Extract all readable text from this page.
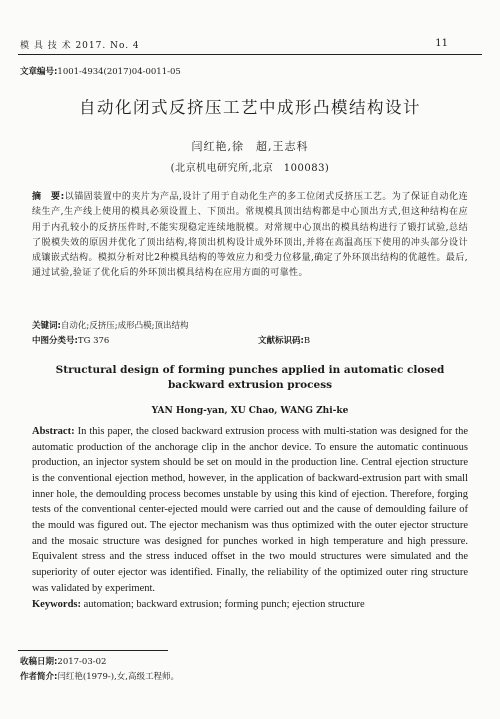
模 具 技 术 2017. No. 4	11
文章编号:1001-4934(2017)04-0011-05
自动化闭式反挤压工艺中成形凸模结构设计
闫红艳,徐　超,王志科
(北京机电研究所,北京　100083)
摘　要:以锚固装置中的夹片为产品,设计了用于自动化生产的多工位闭式反挤压工艺。为了保证自动化连续生产,生产线上使用的模具必须设置上、下顶出。常规模具顶出结构都是中心顶出方式,但这种结构在应用于内孔较小的反挤压件时,不能实现稳定连续地脱模。对常规中心顶出的模具结构进行了锻打试验,总结了脱模失效的原因并优化了顶出结构,将顶出机构设计成外环顶出,并将在高温高压下使用的冲头部分设计成镶嵌式结构。模拟分析对比2种模具结构的等效应力和受力位移量,确定了外环顶出结构的优越性。最后,通过试验,验证了优化后的外环顶出模具结构在应用方面的可靠性。
关键词:自动化;反挤压;成形凸模;顶出结构
中图分类号:TG 376	文献标识码:B
Structural design of forming punches applied in automatic closed backward extrusion process
YAN Hong-yan, XU Chao, WANG Zhi-ke
Abstract: In this paper, the closed backward extrusion process with multi-station was designed for the automatic production of the anchorage clip in the anchor device. To ensure the automatic continuous production, an injector system should be set on mould in the production line. Central ejection structure is the conventional ejection method, however, in the application of backward-extrusion part with small inner hole, the demoulding process becomes unstable by using this kind of ejection. Therefore, forging tests of the conventional center-ejected mould were carried out and the cause of demoulding failure of the mould was figured out. The ejector mechanism was thus optimized with the outer ejector structure and the mosaic structure was designed for punches worked in high temperature and high pressure. Equivalent stress and the stress induced offset in the two mould structures were simulated and the superiority of outer ejector was identified. Finally, the reliability of the optimized outer ring structure was validated by experiment.
Keywords: automation; backward extrusion; forming punch; ejection structure
收稿日期:2017-03-02
作者简介:闫红艳(1979-),女,高级工程师。
